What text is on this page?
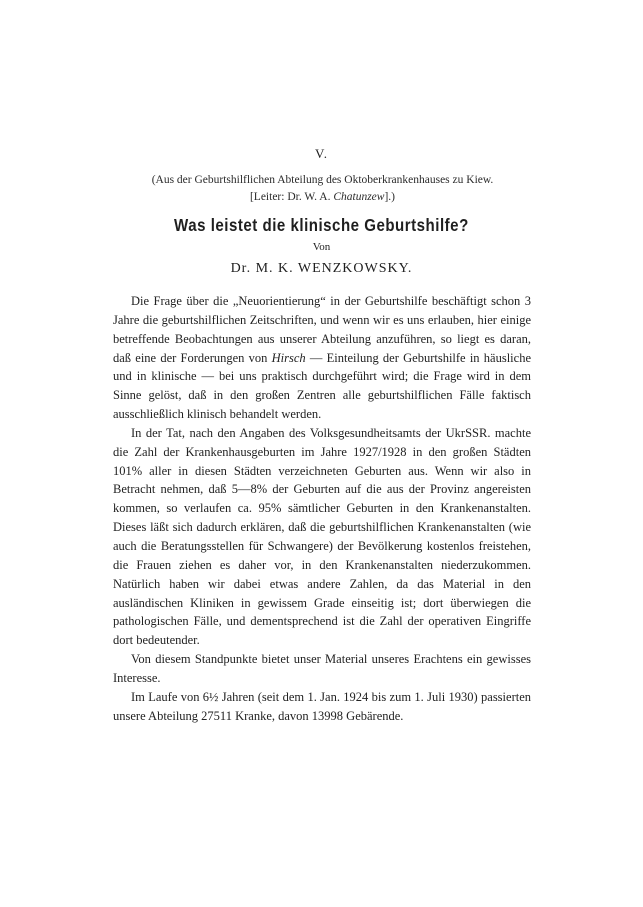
V.
(Aus der Geburtshilflichen Abteilung des Oktoberkrankenhauses zu Kiew.
[Leiter: Dr. W. A. Chatunzew].)
Was leistet die klinische Geburtshilfe?
Von
Dr. M. K. WENZKOWSKY.

Die Frage über die „Neuorientierung“ in der Geburtshilfe beschäftigt schon 3 Jahre die geburtshilflichen Zeitschriften, und wenn wir es uns erlauben, hier einige betreffende Beobachtungen aus unserer Abteilung anzuführen, so liegt es daran, daß eine der Forderungen von Hirsch — Einteilung der Geburtshilfe in häusliche und in klinische — bei uns praktisch durchgeführt wird; die Frage wird in dem Sinne gelöst, daß in den großen Zentren alle geburtshilflichen Fälle faktisch ausschließlich klinisch behandelt werden.

In der Tat, nach den Angaben des Volksgesundheitsamts der UkrSSR. machte die Zahl der Krankenhausgeburten im Jahre 1927/1928 in den großen Städten 101% aller in diesen Städten verzeichneten Geburten aus. Wenn wir also in Betracht nehmen, daß 5—8% der Geburten auf die aus der Provinz angereisten kommen, so verlaufen ca. 95% sämtlicher Geburten in den Krankenanstalten. Dieses läßt sich dadurch erklären, daß die geburtshilflichen Krankenanstalten (wie auch die Beratungsstellen für Schwangere) der Bevölkerung kostenlos freistehen, die Frauen ziehen es daher vor, in den Krankenanstalten niederzukommen. Natürlich haben wir dabei etwas andere Zahlen, da das Material in den ausländischen Kliniken in gewissem Grade einseitig ist; dort überwiegen die pathologischen Fälle, und dementsprechend ist die Zahl der operativen Eingriffe dort bedeutender.

Von diesem Standpunkte bietet unser Material unseres Erachtens ein gewisses Interesse.

Im Laufe von 6½ Jahren (seit dem 1. Jan. 1924 bis zum 1. Juli 1930) passierten unsere Abteilung 27511 Kranke, davon 13998 Gebärende.
